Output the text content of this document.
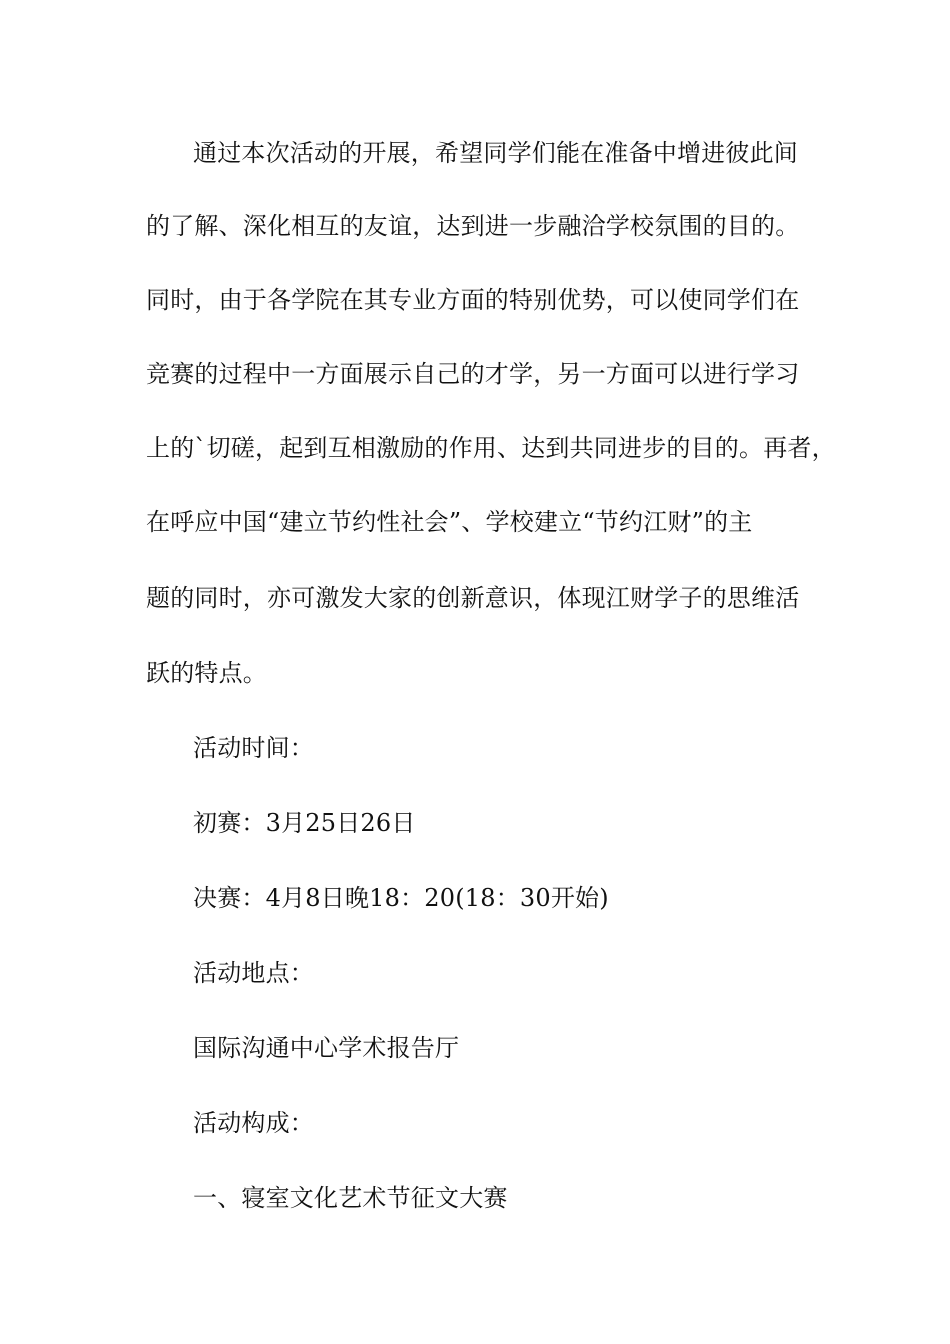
通过本次活动的开展，希望同学们能在准备中增进彼此间
的了解、深化相互的友谊，达到进一步融洽学校氛围的目的。
同时，由于各学院在其专业方面的特别优势，可以使同学们在
竞赛的过程中一方面展示自己的才学，另一方面可以进行学习
上的`切磋，起到互相激励的作用、达到共同进步的目的。再者，
在呼应中国“建立节约性社会”、学校建立“节约江财”的主
题的同时，亦可激发大家的创新意识，体现江财学子的思维活
跃的特点。
活动时间：
初赛：3月25日26日
决赛：4月8日晚18：20(18：30开始)
活动地点：
国际沟通中心学术报告厅
活动构成：
一、寝室文化艺术节征文大赛
